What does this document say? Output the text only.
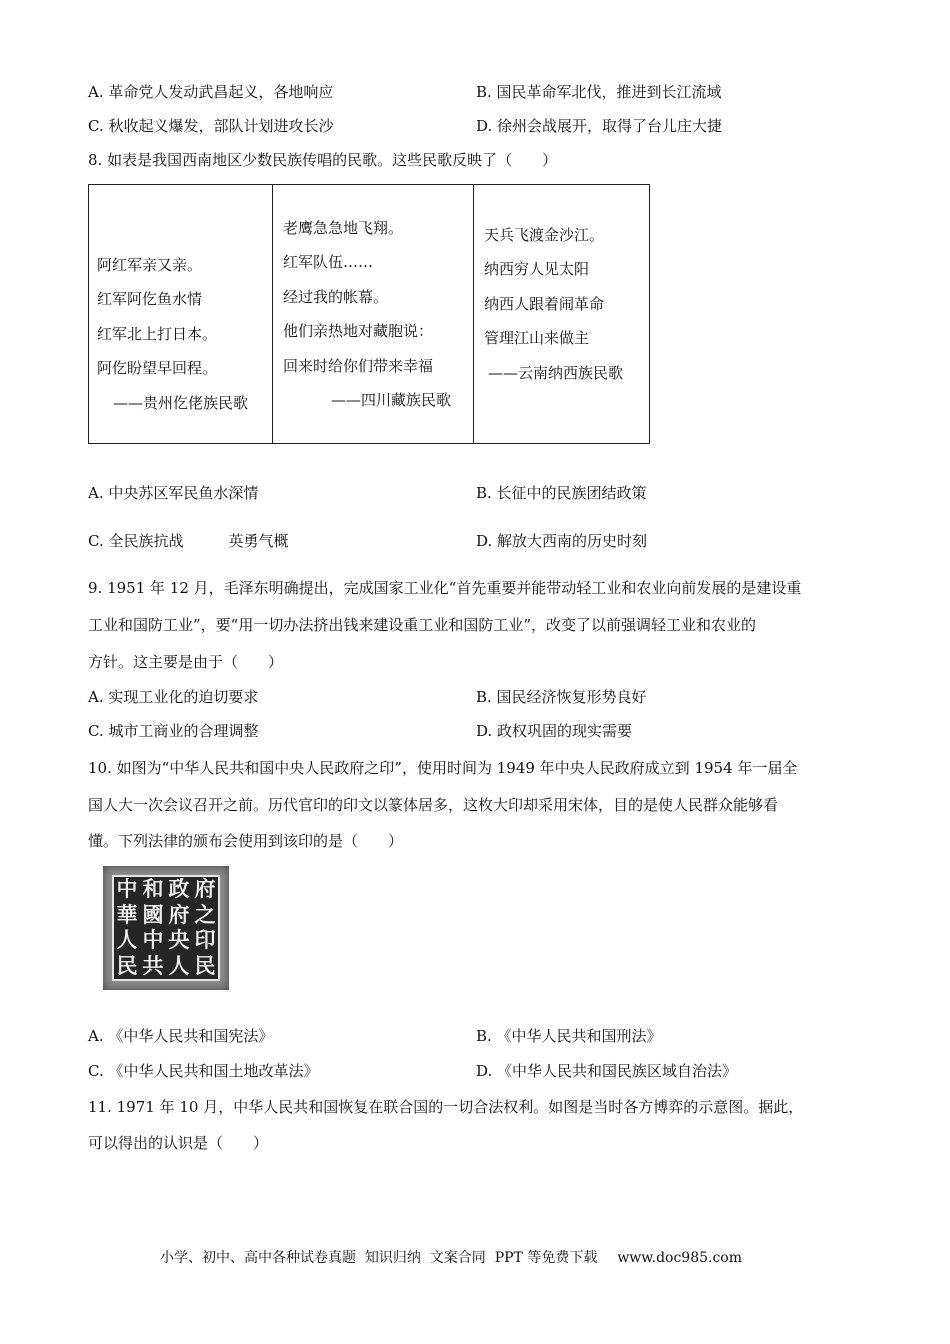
A. 革命党人发动武昌起义，各地响应	B. 国民革命军北伐，推进到长江流域
C. 秋收起义爆发，部队计划进攻长沙	D. 徐州会战展开，取得了台儿庄大捷
8. 如表是我国西南地区少数民族传唱的民歌。这些民歌反映了（　　）
阿红军亲又亲。
红军阿仡鱼水情
红军北上打日本。
阿仡盼望早回程。
——贵州仡佬族民歌

老鹰急急地飞翔。
红军队伍……
经过我的帐幕。
他们亲热地对藏胞说：
回来时给你们带来幸福
——四川藏族民歌

天兵飞渡金沙江。
纳西穷人见太阳
纳西人跟着闹革命
管理江山来做主
——云南纳西族民歌
A. 中央苏区军民鱼水深情	B. 长征中的民族团结政策
C. 全民族抗战　　　英勇气概	D. 解放大西南的历史时刻
9. 1951 年 12 月，毛泽东明确提出，完成国家工业化“首先重要并能带动轻工业和农业向前发展的是建设重
工业和国防工业”，要“用一切办法挤出钱来建设重工业和国防工业”，改变了以前强调轻工业和农业的
方针。这主要是由于（　　）
A. 实现工业化的迫切要求	B. 国民经济恢复形势良好
C. 城市工商业的合理调整	D. 政权巩固的现实需要
10. 如图为“中华人民共和国中央人民政府之印”，使用时间为 1949 年中央人民政府成立到 1954 年一届全
国人大一次会议召开之前。历代官印的印文以篆体居多，这枚大印却采用宋体，目的是使人民群众能够看
懂。下列法律的颁布会使用到该印的是（　　）
中 和 政 府
華 國 府 之
人 中 央 印
民 共 人 民
A. 《中华人民共和国宪法》	B. 《中华人民共和国刑法》
C. 《中华人民共和国土地改革法》	D. 《中华人民共和国民族区域自治法》
11. 1971 年 10 月，中华人民共和国恢复在联合国的一切合法权利。如图是当时各方博弈的示意图。据此，
可以得出的认识是（　　）
小学、初中、高中各种试卷真题  知识归纳  文案合同  PPT 等免费下载 www.doc985.com
